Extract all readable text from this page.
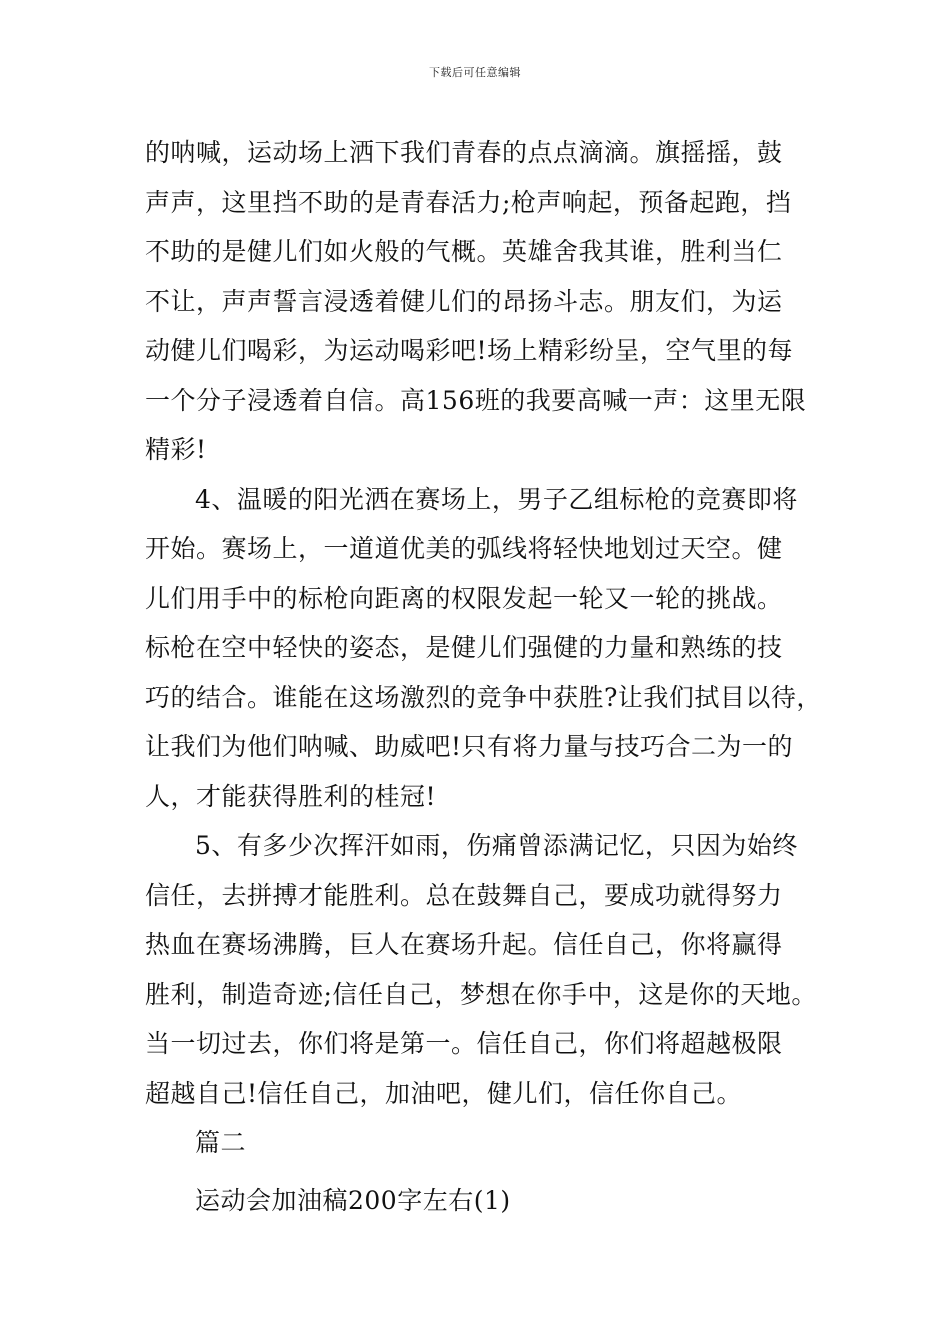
下载后可任意编辑
的呐喊，运动场上洒下我们青春的点点滴滴。旗摇摇，鼓
声声，这里挡不助的是青春活力;枪声响起，预备起跑，挡
不助的是健儿们如火般的气概。英雄舍我其谁，胜利当仁
不让，声声誓言浸透着健儿们的昂扬斗志。朋友们，为运
动健儿们喝彩，为运动喝彩吧!场上精彩纷呈，空气里的每
一个分子浸透着自信。高156班的我要高喊一声：这里无限
精彩!
4、温暖的阳光洒在赛场上，男子乙组标枪的竞赛即将
开始。赛场上，一道道优美的弧线将轻快地划过天空。健
儿们用手中的标枪向距离的权限发起一轮又一轮的挑战。
标枪在空中轻快的姿态，是健儿们强健的力量和熟练的技
巧的结合。谁能在这场激烈的竞争中获胜?让我们拭目以待，
让我们为他们呐喊、助威吧!只有将力量与技巧合二为一的
人，才能获得胜利的桂冠!
5、有多少次挥汗如雨，伤痛曾添满记忆，只因为始终
信任，去拼搏才能胜利。总在鼓舞自己，要成功就得努力
热血在赛场沸腾，巨人在赛场升起。信任自己，你将赢得
胜利，制造奇迹;信任自己，梦想在你手中，这是你的天地。
当一切过去，你们将是第一。信任自己，你们将超越极限
超越自己!信任自己，加油吧，健儿们，信任你自己。
篇二
运动会加油稿200字左右(1)
